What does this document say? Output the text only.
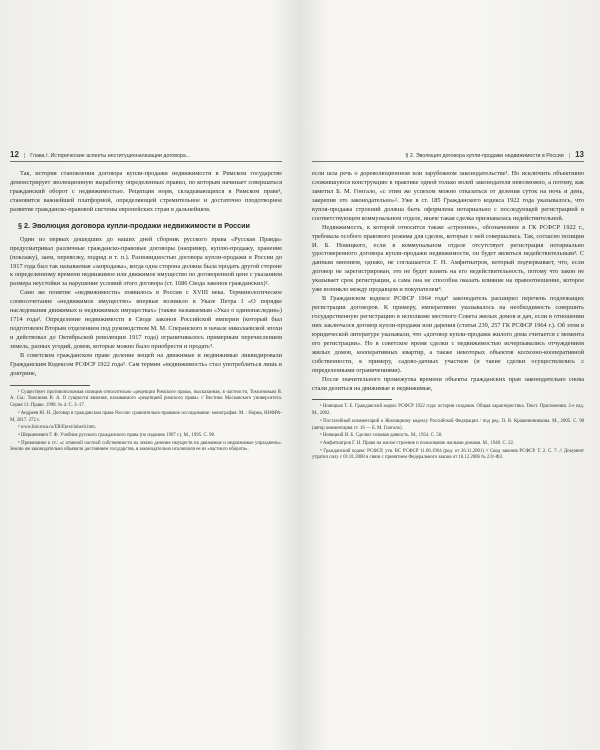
12 | Глава I. Исторические аспекты институционализации договора...

Так, история становления договора купли-продажи недвижимости в Римском государстве демонстрирует эволюционную выработку определенных правил, по которым начинает совершаться гражданский оборот с недвижимостью. Рецепция норм, складывающихся в Римском праве¹, становится важнейшей платформой, определяющей стремительное и достаточно плодотворное развитие гражданско-правовой системы европейских стран в дальнейшем.

§ 2. Эволюция договора купли-продажи недвижимости в России

Один из первых дошедших до наших дней сборник русского права «Русская Правда» предусматривал различные гражданско-правовые договоры (например, куплю-продажу, хранение (поклажу), заем, перевозку, подряд и т. п.). Разновидностью договора купли-продажи в России до 1917 года был так называемая «запродажа», когда одна сторона должна была продать другой стороне к определенному времени недвижимое или движимое имущество по договоренной цене с указанием размера неустойки за нарушение условий этого договора (ст. 1686 Свода законов гражданских)².

Само же понятие «недвижимости» появилось в России с XVIII века. Терминологическое словосочетание «недвижимое имущество» впервые возникло в Указе Петра I «О порядке наследования движимых и недвижимых имуществах» (также называемым «Указ о единонаследии») 1714 года³. Определение недвижимости в Своде законов Российской империи (который был подготовлен Вторым отделением под руководством М. М. Сперанского в начале николаевской эпохи и действовал до Октябрьской революции 1917 года) ограничивалось примерным перечислением земель, разных угодий, домов, которые можно было приобрести и продать⁴.

В советском гражданском праве деление вещей на движимые и недвижимые ликвидировали Гражданским Кодексом РСФСР 1922 года⁵. Сам термин «недвижимость» стал употребляться лишь в доктрине,

¹ Существует противоположная позиция относительно «рецепции Римского права», высказанная, в частности, Томсиновым В. А. См.: Томсинов В. А. О сущности явления, называемого «рецепцией римского права» // Вестник Московского университета. Серия 11: Право. 1998. № 4. С. 3–17.
² Андреев Ю. Н. Договор в гражданском праве России: сравнительно-правовое исследование: монография. М. : Норма, ИНФРА-М, 2017. 272 с.
³ www.hist.msu.ru/ER/Etext/inherit.htm.
⁴ Шершеневич Г. Ф. Учебник русского гражданского права (по изданию 1907 г.). М., 1995. С. 98.
⁵ Примечание к ст.: «с отменой частной собственности на землю деление имуществ на движимые и недвижимые упразднено». Землю же законодательно объявили достоянием государства, в законодательно исключили ее из «частного оборота».
§ 2. Эволюция договора купли-продажи недвижимости в России | 13

если шла речь о дореволюционном или зарубежном законодательстве¹. Но исключить объективно сложившуюся конструкцию в практике одной только волей законодателя невозможно, а потому, как заметил Б. М. Гонгало, «с этим же успехом можно отказаться от деления суток на ночь и день, закрепив это законодательно»². Уже в ст. 185 Гражданского кодекса 1922 года указывалось, что купля-продажа строений должна быть оформлена нотариально с последующей регистрацией в соответствующем коммунальном отделе, иначе такая сделка признавалась недействительной.

Недвижимость, к которой относится также «строение», обозначенное в ГК РСФСР 1922 г., требовала особого правового режима для сделок, которые с ней совершались. Так, согласно позиции И. Б. Новицкого, если в коммунальном отделе отсутствует регистрация нотариально удостоверенного договора купли-продажи недвижимости, он будет являться недействительным³. С данным мнением, однако, не соглашается Г. Н. Амфитиатров, который подчеркивает, что, если договор не зарегистрирован, это не будет влиять на его недействительность, потому что закон не указывает срок регистрации, а сама она не способна оказать влияние на правоотношение, которое уже возникло между продавцом и покупателем⁴.

В Гражданском кодексе РСФСР 1964 года⁵ законодатель расширил перечень подлежащих регистрации договоров. К примеру, императивно указывалось на необходимость совершить государственную регистрацию в исполкоме местного Совета жилых домов и дач, если в отношении них заключался договор купли-продажи или дарения (статьи 239, 257 ГК РСФСР 1964 г.). Об этом в юридической литературе указывали, что «договор купли-продажи жилого дома считается с момента его регистрации». Но в советское время сделки с недвижимостью исчерпывались отчуждением жилых домов, кооперативных квартир, а также некоторых объектов колхозно-кооперативной собственности, к примеру, садово-дачных участков (и такие сделки осуществлялись с определенными ограничениями).

После значительного промежутка времени объекты гражданских прав законодательно снова стали делиться на движимые и недвижимые,

¹ Новицкая Т. Е. Гражданский кодекс РСФСР 1922 года: история создания. Общая характеристика. Текст. Приложения. 2-е изд. М., 2002.
² Постатейный комментарий к Жилищному кодексу Российской Федерации / под ред. П. В. Крашенинникова. М., 2005. С. 98 (автор комментария ст. 16 — Б. М. Гонгало).
³ Новицкий И. Б. Сделки: исковая давность. М., 1954. С. 58.
⁴ Амфитиатров Г. Н. Право на жилое строение и пользование жилыми домами. М., 1948. С. 22.
⁵ Гражданский кодекс РСФСР, утв. ВС РСФСР 11.06.1964 (ред. от 26.11.2001) // Свод законов РСФСР. Т. 2. С. 7. // Документ утратил силу с 01.01.2008 в связи с принятием Федерального закона от 18.12.2006 № 231-ФЗ.
